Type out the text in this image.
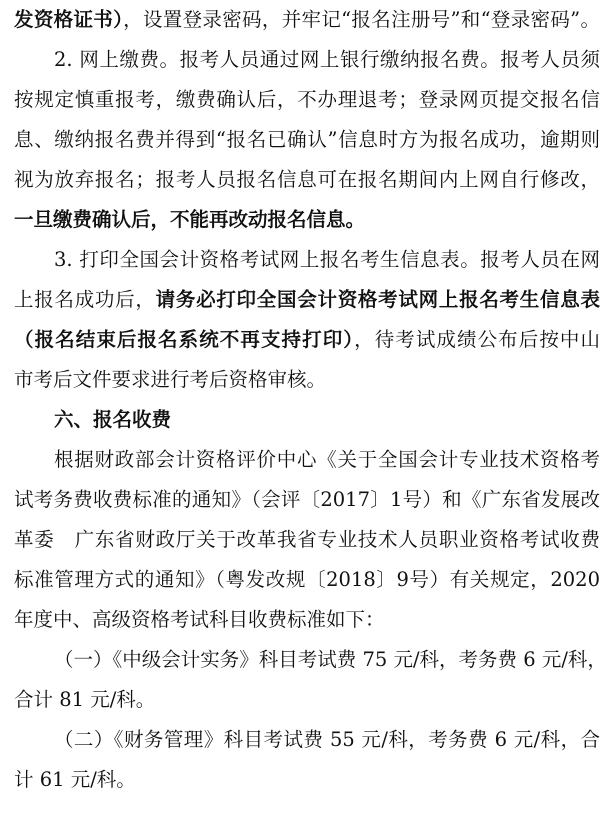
发资格证书），设置登录密码，并牢记“报名注册号”和“登录密码”。
2. 网上缴费。报考人员通过网上银行缴纳报名费。报考人员须
按规定慎重报考，缴费确认后，不办理退考；登录网页提交报名信
息、缴纳报名费并得到“报名已确认”信息时方为报名成功，逾期则
视为放弃报名；报考人员报名信息可在报名期间内上网自行修改，
一旦缴费确认后，不能再改动报名信息。
3. 打印全国会计资格考试网上报名考生信息表。报考人员在网
上报名成功后，请务必打印全国会计资格考试网上报名考生信息表
（报名结束后报名系统不再支持打印），待考试成绩公布后按中山
市考后文件要求进行考后资格审核。
六、报名收费
根据财政部会计资格评价中心《关于全国会计专业技术资格考
试考务费收费标准的通知》（会评〔2017〕1号）和《广东省发展改
革委　广东省财政厅关于改革我省专业技术人员职业资格考试收费
标准管理方式的通知》（粤发改规〔2018〕9号）有关规定，2020
年度中、高级资格考试科目收费标准如下：
（一）《中级会计实务》科目考试费 75 元/科，考务费 6 元/科，
合计 81 元/科。
（二）《财务管理》科目考试费 55 元/科，考务费 6 元/科，合
计 61 元/科。
